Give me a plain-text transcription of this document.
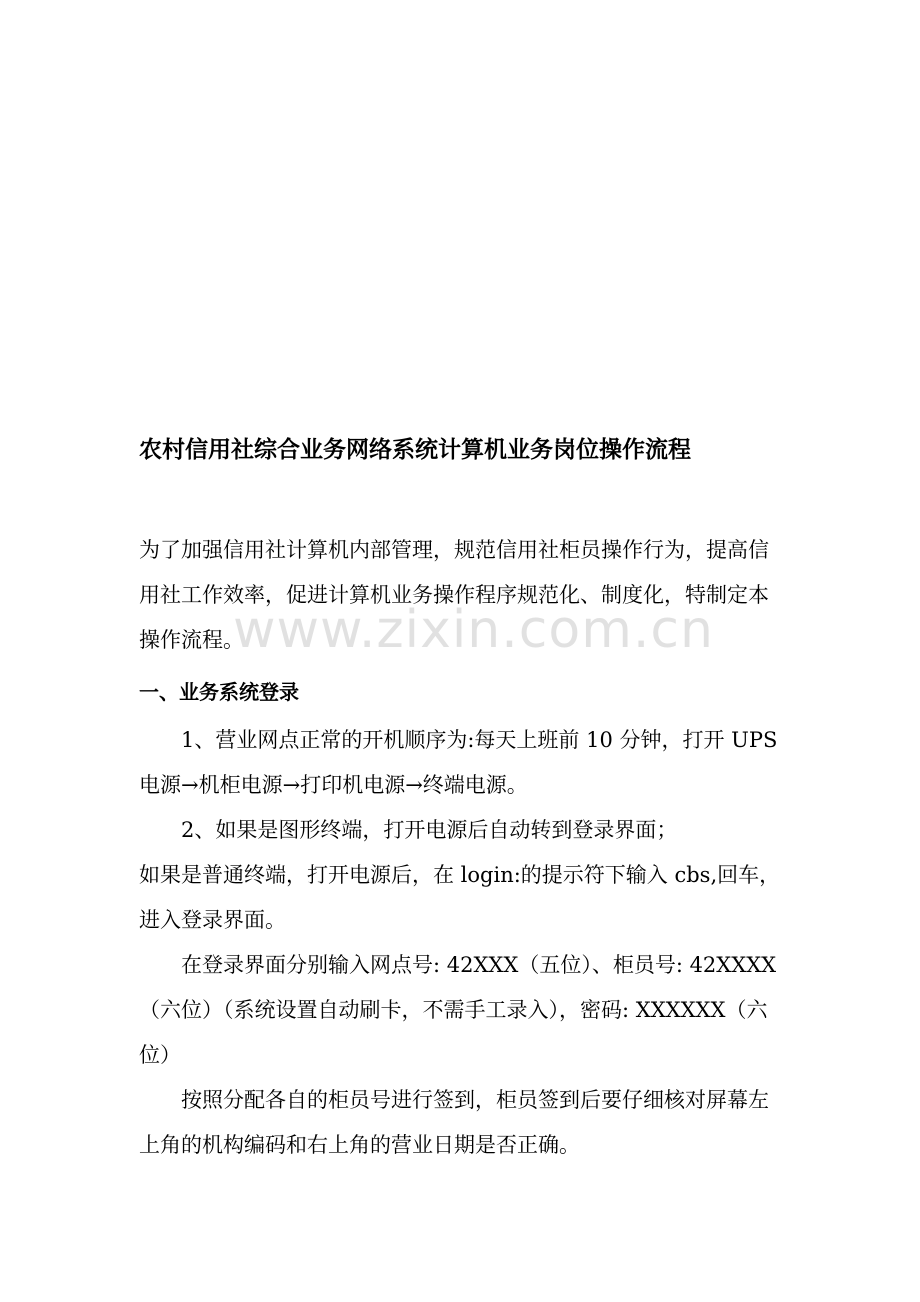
农村信用社综合业务网络系统计算机业务岗位操作流程
为了加强信用社计算机内部管理，规范信用社柜员操作行为，提高信
用社工作效率，促进计算机业务操作程序规范化、制度化，特制定本
操作流程。
www.zixin.com.cn
一、业务系统登录
1、营业网点正常的开机顺序为:每天上班前 10 分钟，打开 UPS
电源→机柜电源→打印机电源→终端电源。
2、如果是图形终端，打开电源后自动转到登录界面；
如果是普通终端，打开电源后，在 login:的提示符下输入 cbs,回车，
进入登录界面。
在登录界面分别输入网点号: 42XXX（五位）、柜员号: 42XXXX
（六位）（系统设置自动刷卡，不需手工录入），密码: XXXXXX（六
位）
按照分配各自的柜员号进行签到，柜员签到后要仔细核对屏幕左
上角的机构编码和右上角的营业日期是否正确。
